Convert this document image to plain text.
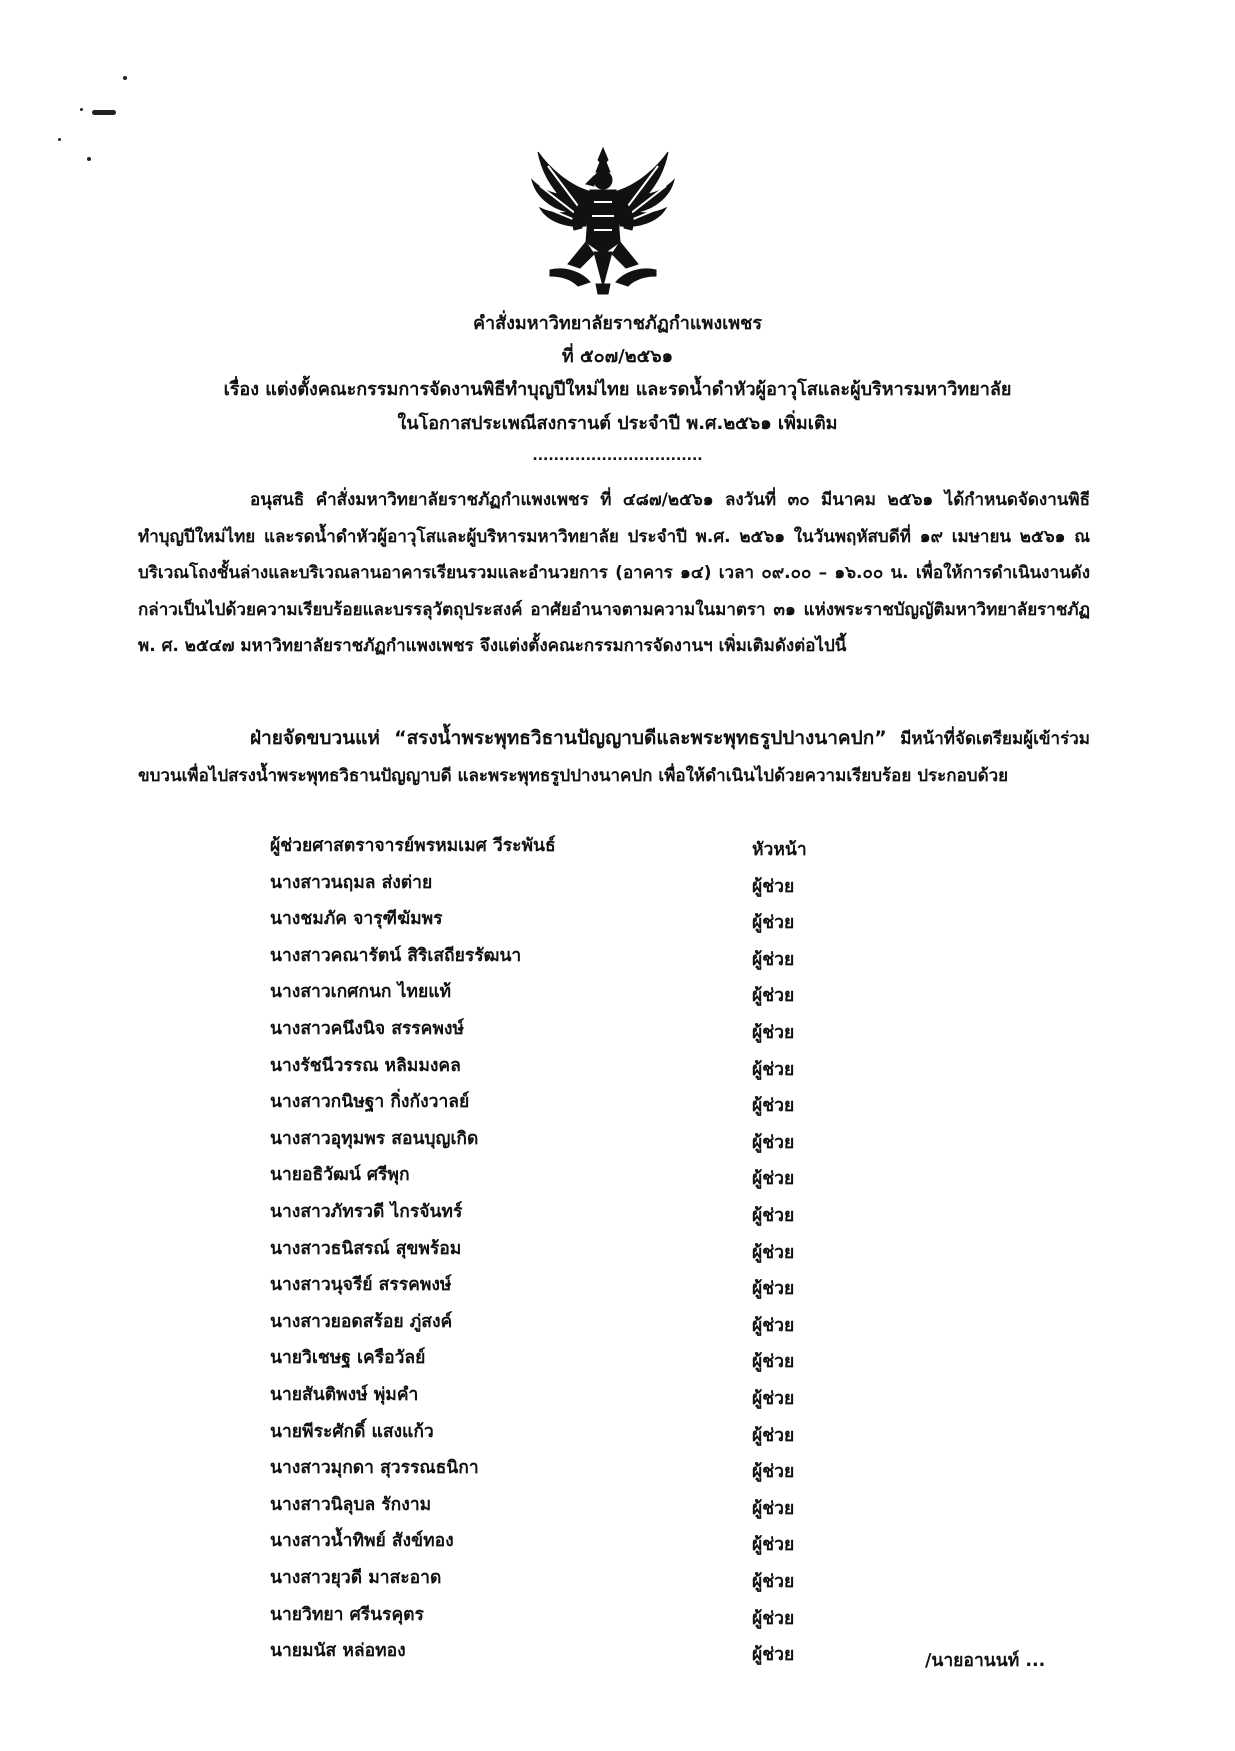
คำสั่งมหาวิทยาลัยราชภัฏกำแพงเพชร
ที่ ๕๐๗/๒๕๖๑
เรื่อง แต่งตั้งคณะกรรมการจัดงานพิธีทำบุญปีใหม่ไทย และรดน้ำดำหัวผู้อาวุโสและผู้บริหารมหาวิทยาลัย
ในโอกาสประเพณีสงกรานต์ ประจำปี พ.ศ.๒๕๖๑ เพิ่มเติม
................................
อนุสนธิ คำสั่งมหาวิทยาลัยราชภัฏกำแพงเพชร ที่ ๔๘๗/๒๕๖๑ ลงวันที่ ๓๐ มีนาคม ๒๕๖๑ ได้กำหนดจัดงานพิธีทำบุญปีใหม่ไทย และรดน้ำดำหัวผู้อาวุโสและผู้บริหารมหาวิทยาลัย ประจำปี พ.ศ. ๒๕๖๑ ในวันพฤหัสบดีที่ ๑๙ เมษายน ๒๕๖๑ ณ บริเวณโถงชั้นล่างและบริเวณลานอาคารเรียนรวมและอำนวยการ (อาคาร ๑๔) เวลา ๐๙.๐๐ – ๑๖.๐๐ น. เพื่อให้การดำเนินงานดังกล่าวเป็นไปด้วยความเรียบร้อยและบรรลุวัตถุประสงค์ อาศัยอำนาจตามความในมาตรา ๓๑ แห่งพระราชบัญญัติมหาวิทยาลัยราชภัฏ พ. ศ. ๒๕๔๗ มหาวิทยาลัยราชภัฏกำแพงเพชร จึงแต่งตั้งคณะกรรมการจัดงานฯ เพิ่มเติมดังต่อไปนี้
ฝ่ายจัดขบวนแห่ “สรงน้ำพระพุทธวิธานปัญญาบดีและพระพุทธรูปปางนาคปก” มีหน้าที่จัดเตรียมผู้เข้าร่วมขบวนเพื่อไปสรงน้ำพระพุทธวิธานปัญญาบดี และพระพุทธรูปปางนาคปก เพื่อให้ดำเนินไปด้วยความเรียบร้อย ประกอบด้วย
ผู้ช่วยศาสตราจารย์พรหมเมศ วีระพันธ์	หัวหน้า
นางสาวนฤมล ส่งต่าย	ผู้ช่วย
นางชมภัค จารุฑีฆัมพร	ผู้ช่วย
นางสาวคณารัตน์ สิริเสถียรรัฒนา	ผู้ช่วย
นางสาวเกศกนก ไทยแท้	ผู้ช่วย
นางสาวคนึงนิจ สรรคพงษ์	ผู้ช่วย
นางรัชนีวรรณ หลิมมงคล	ผู้ช่วย
นางสาวกนิษฐา กิ่งกังวาลย์	ผู้ช่วย
นางสาวอุทุมพร สอนบุญเกิด	ผู้ช่วย
นายอธิวัฒน์ ศรีพุก	ผู้ช่วย
นางสาวภัทรวดี ไกรจันทร์	ผู้ช่วย
นางสาวธนิสรณ์ สุขพร้อม	ผู้ช่วย
นางสาวนุจรีย์ สรรคพงษ์	ผู้ช่วย
นางสาวยอดสร้อย ภู่สงค์	ผู้ช่วย
นายวิเชษฐ เครือวัลย์	ผู้ช่วย
นายสันติพงษ์ พุ่มคำ	ผู้ช่วย
นายพีระศักดิ์ แสงแก้ว	ผู้ช่วย
นางสาวมุกดา สุวรรณธนิกา	ผู้ช่วย
นางสาวนิลุบล รักงาม	ผู้ช่วย
นางสาวน้ำทิพย์ สังข์ทอง	ผู้ช่วย
นางสาวยุวดี มาสะอาด	ผู้ช่วย
นายวิทยา ศรีนรคุตร	ผู้ช่วย
นายมนัส หล่อทอง	ผู้ช่วย	/นายอานนท์ ...
